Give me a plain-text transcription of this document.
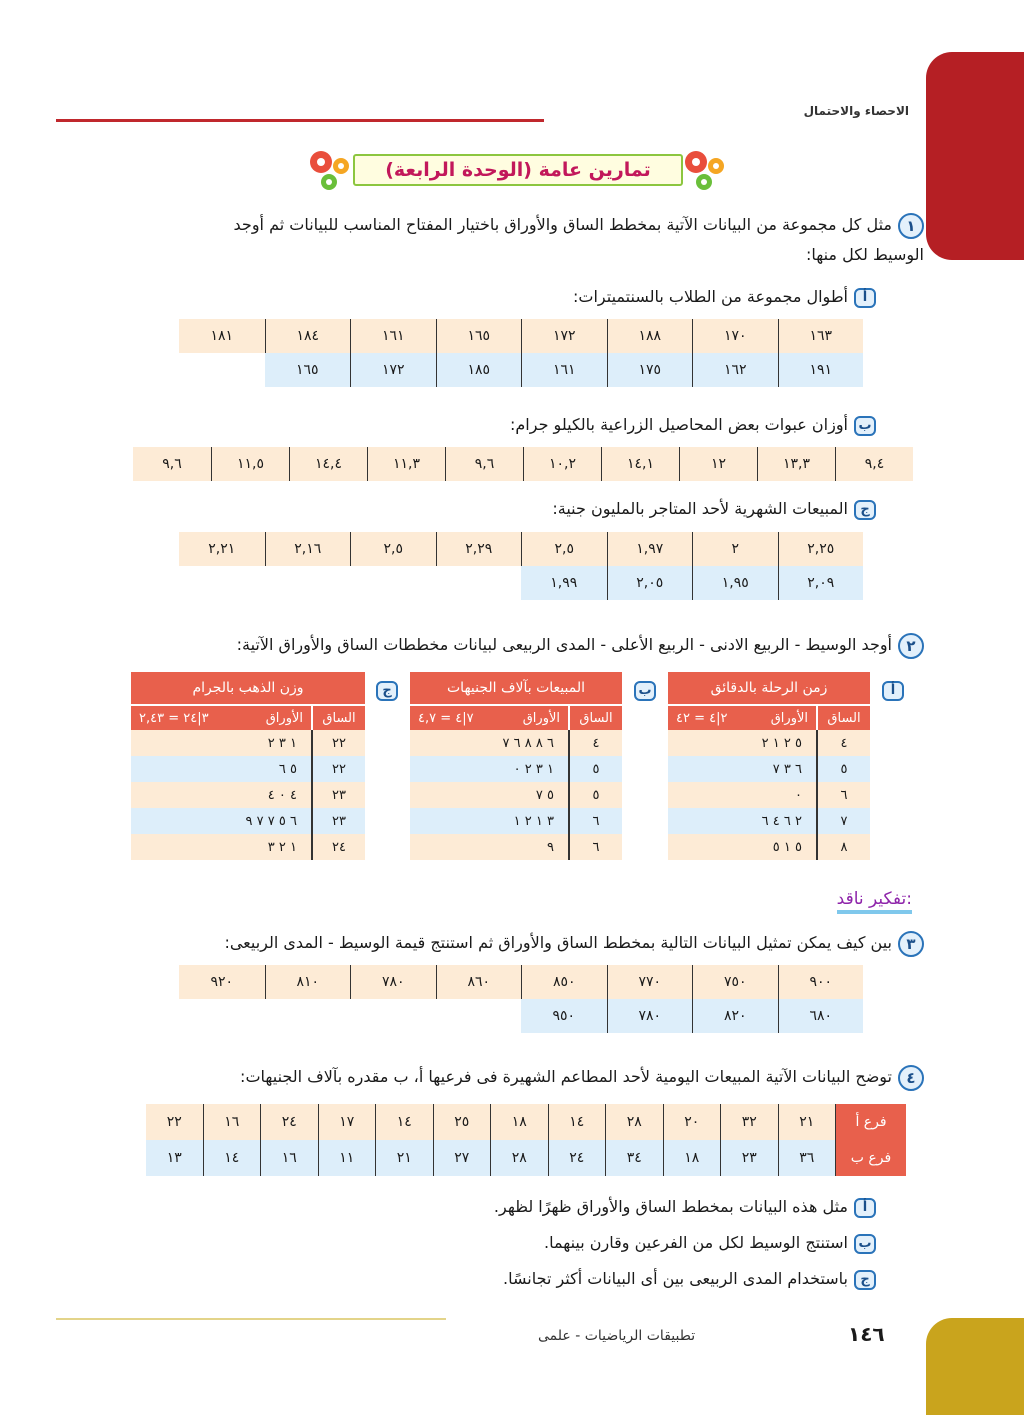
الاحصاء والاحتمال
تمارين عامة (الوحدة الرابعة)
١مثل كل مجموعة من البيانات الآتية بمخطط الساق والأوراق باختيار المفتاح المناسب للبيانات ثم أوجد
الوسيط لكل منها:
أأطوال مجموعة من الطلاب بالسنتميترات:
١٦٣
١٧٠
١٨٨
١٧٢
١٦٥
١٦١
١٨٤
١٨١
١٩١
١٦٢
١٧٥
١٦١
١٨٥
١٧٢
١٦٥
بأوزان عبوات بعض المحاصيل الزراعية بالكيلو جرام:
٩,٤
١٣,٣
١٢
١٤,١
١٠,٢
٩,٦
١١,٣
١٤,٤
١١,٥
٩,٦
جالمبيعات الشهرية لأحد المتاجر بالمليون جنية:
٢,٢٥
٢
١,٩٧
٢,٥
٢,٢٩
٢,٥
٢,١٦
٢,٢١
٢,٠٩
١,٩٥
٢,٠٥
١,٩٩
٢أوجد الوسيط - الربيع الادنى - الربيع الأعلى - المدى الربيعى لبيانات مخططات الساق والأوراق الآتية:
أ
زمن الرحلة بالدقائق
الساق
الأوراق
٢|٤ = ٤٢
٤
٥ ٢ ١ ٢
٥
٦ ٣ ٧
٦
٠
٧
٢ ٦ ٤ ٦
٨
٥ ١ ٥
ب
المبيعات بآلاف الجنيهات
الساق
الأوراق
٧|٤ = ٤,٧
٤
٦ ٨ ٨ ٦ ٧
٥
١ ٣ ٢ ٠
٥
٥ ٧
٦
٣ ١ ٢ ١
٦
٩
ج
وزن الذهب بالجرام
الساق
الأوراق
٣|٢٤ = ٢,٤٣
٢٢
١ ٣ ٢
٢٢
٥ ٦
٢٣
٤ ٠ ٤
٢٣
٦ ٥ ٧ ٧ ٩
٢٤
١ ٢ ٣
تفكير ناقد:
٣بين كيف يمكن تمثيل البيانات التالية بمخطط الساق والأوراق ثم استنتج قيمة الوسيط - المدى الربيعى:
٩٠٠
٧٥٠
٧٧٠
٨٥٠
٨٦٠
٧٨٠
٨١٠
٩٢٠
٦٨٠
٨٢٠
٧٨٠
٩٥٠
٤توضح البيانات الآتية المبيعات اليومية لأحد المطاعم الشهيرة فى فرعيها أ، ب مقدره بآلاف الجنيهات:
فرع أ
٢١
٣٢
٢٠
٢٨
١٤
١٨
٢٥
١٤
١٧
٢٤
١٦
٢٢
فرع ب
٣٦
٢٣
١٨
٣٤
٢٤
٢٨
٢٧
٢١
١١
١٦
١٤
١٣
أمثل هذه البيانات بمخطط الساق والأوراق ظهرًا لظهر.
باستنتج الوسيط لكل من الفرعين وقارن بينهما.
جباستخدام المدى الربيعى بين أى البيانات أكثر تجانسًا.
تطبيقات الرياضيات - علمى	١٤٦
